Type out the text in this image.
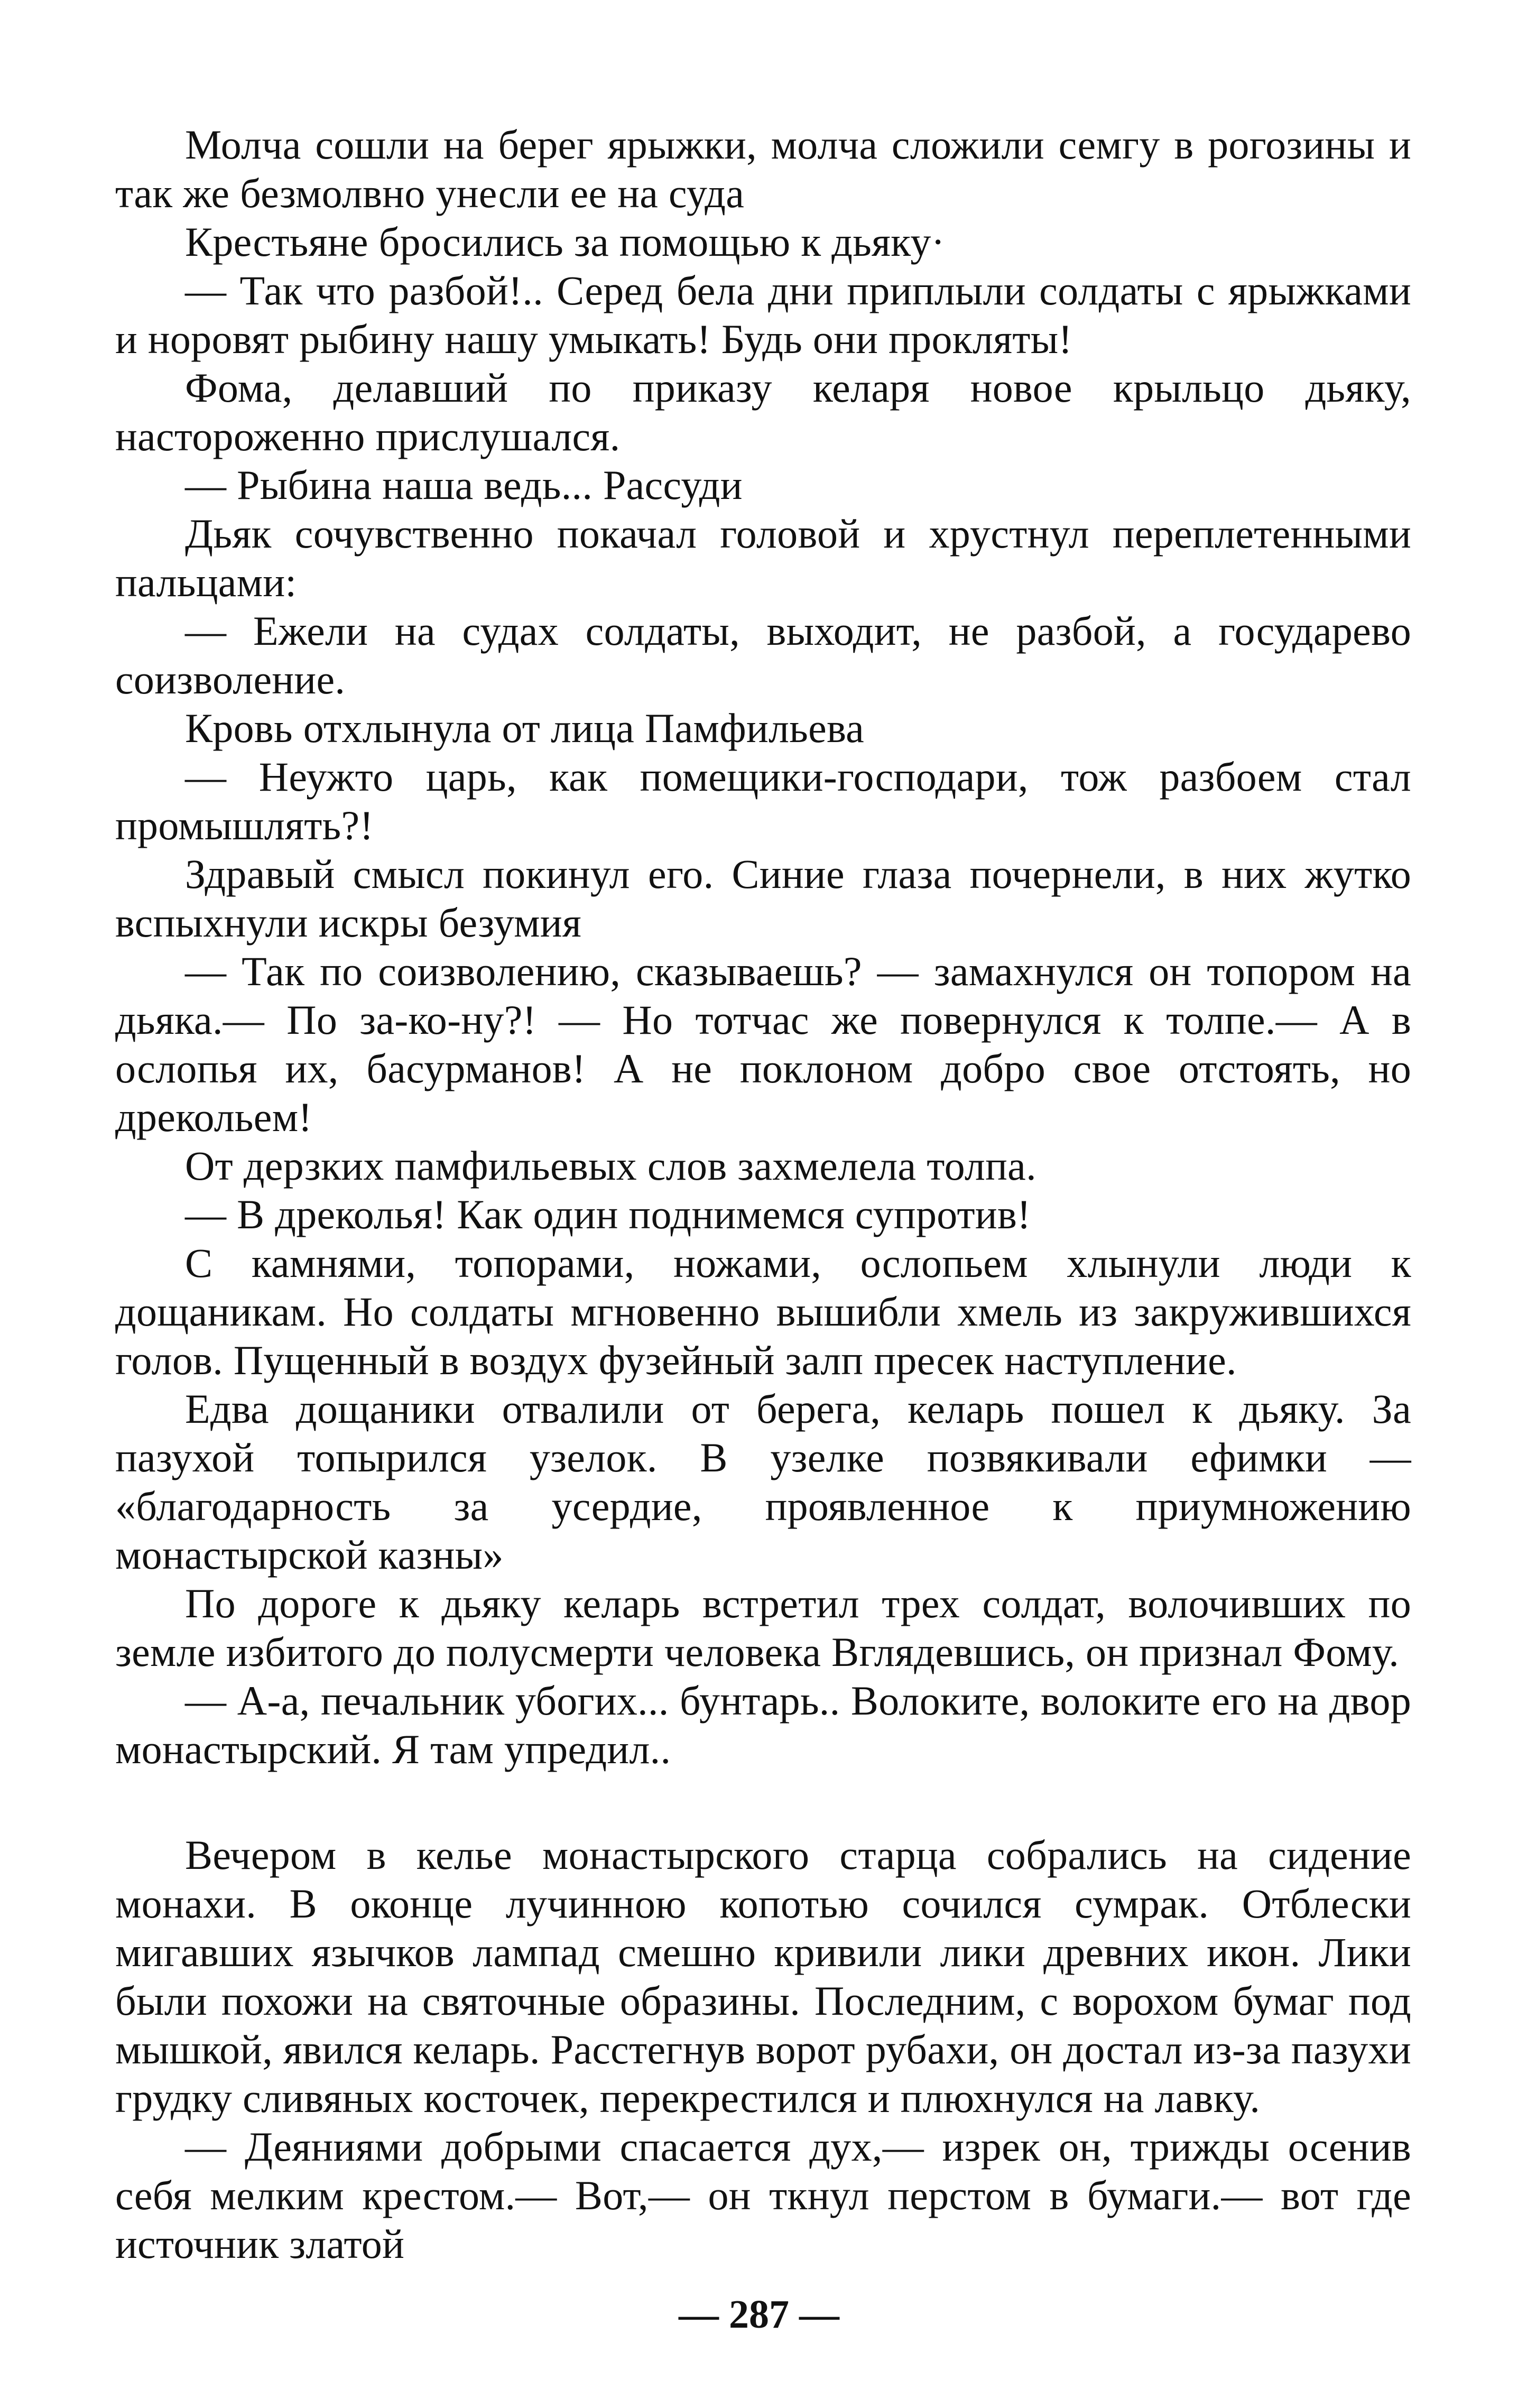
Молча сошли на берег ярыжки, молча сложили семгу в рогозины и так же безмолвно унесли ее на суда

Крестьяне бросились за помощью к дьяку·

— Так что разбой!.. Серед бела дни приплыли солдаты с ярыжками и норовят рыбину нашу умыкать! Будь они прокляты!

Фома, делавший по приказу келаря новое крыльцо дьяку, настороженно прислушался.

— Рыбина наша ведь... Рассуди

Дьяк сочувственно покачал головой и хрустнул переплетенными пальцами:

— Ежели на судах солдаты, выходит, не разбой, а государево соизволение.

Кровь отхлынула от лица Памфильева

— Неужто царь, как помещики-господари, тож разбоем стал промышлять?!

Здравый смысл покинул его. Синие глаза почернели, в них жутко вспыхнули искры безумия

— Так по соизволению, сказываешь? — замахнулся он топором на дьяка.— По за-ко-ну?! — Но тотчас же повернулся к толпе.— А в ослопья их, басурманов! А не поклоном добро свое отстоять, но дрекольем!

От дерзких памфильевых слов захмелела толпа.

— В дреколья! Как один поднимемся супротив!

С камнями, топорами, ножами, ослопьем хлынули люди к дощаникам. Но солдаты мгновенно вышибли хмель из закружившихся голов. Пущенный в воздух фузейный залп пресек наступление.

Едва дощаники отвалили от берега, келарь пошел к дьяку. За пазухой топырился узелок. В узелке позвякивали ефимки — «благодарность за усердие, проявленное к приумножению монастырской казны»

По дороге к дьяку келарь встретил трех солдат, волочивших по земле избитого до полусмерти человека Вглядевшись, он признал Фому.

— А-а, печальник убогих... бунтарь.. Волоките, волоките его на двор монастырский. Я там упредил..

Вечером в келье монастырского старца собрались на сидение монахи. В оконце лучинною копотью сочился сумрак. Отблески мигавших язычков лампад смешно кривили лики древних икон. Лики были похожи на святочные образины. Последним, с ворохом бумаг под мышкой, явился келарь. Расстегнув ворот рубахи, он достал из-за пазухи грудку сливяных косточек, перекрестился и плюхнулся на лавку.

— Деяниями добрыми спасается дух,— изрек он, трижды осенив себя мелким крестом.— Вот,— он ткнул перстом в бумаги.— вот где источник златой

— 287 —
